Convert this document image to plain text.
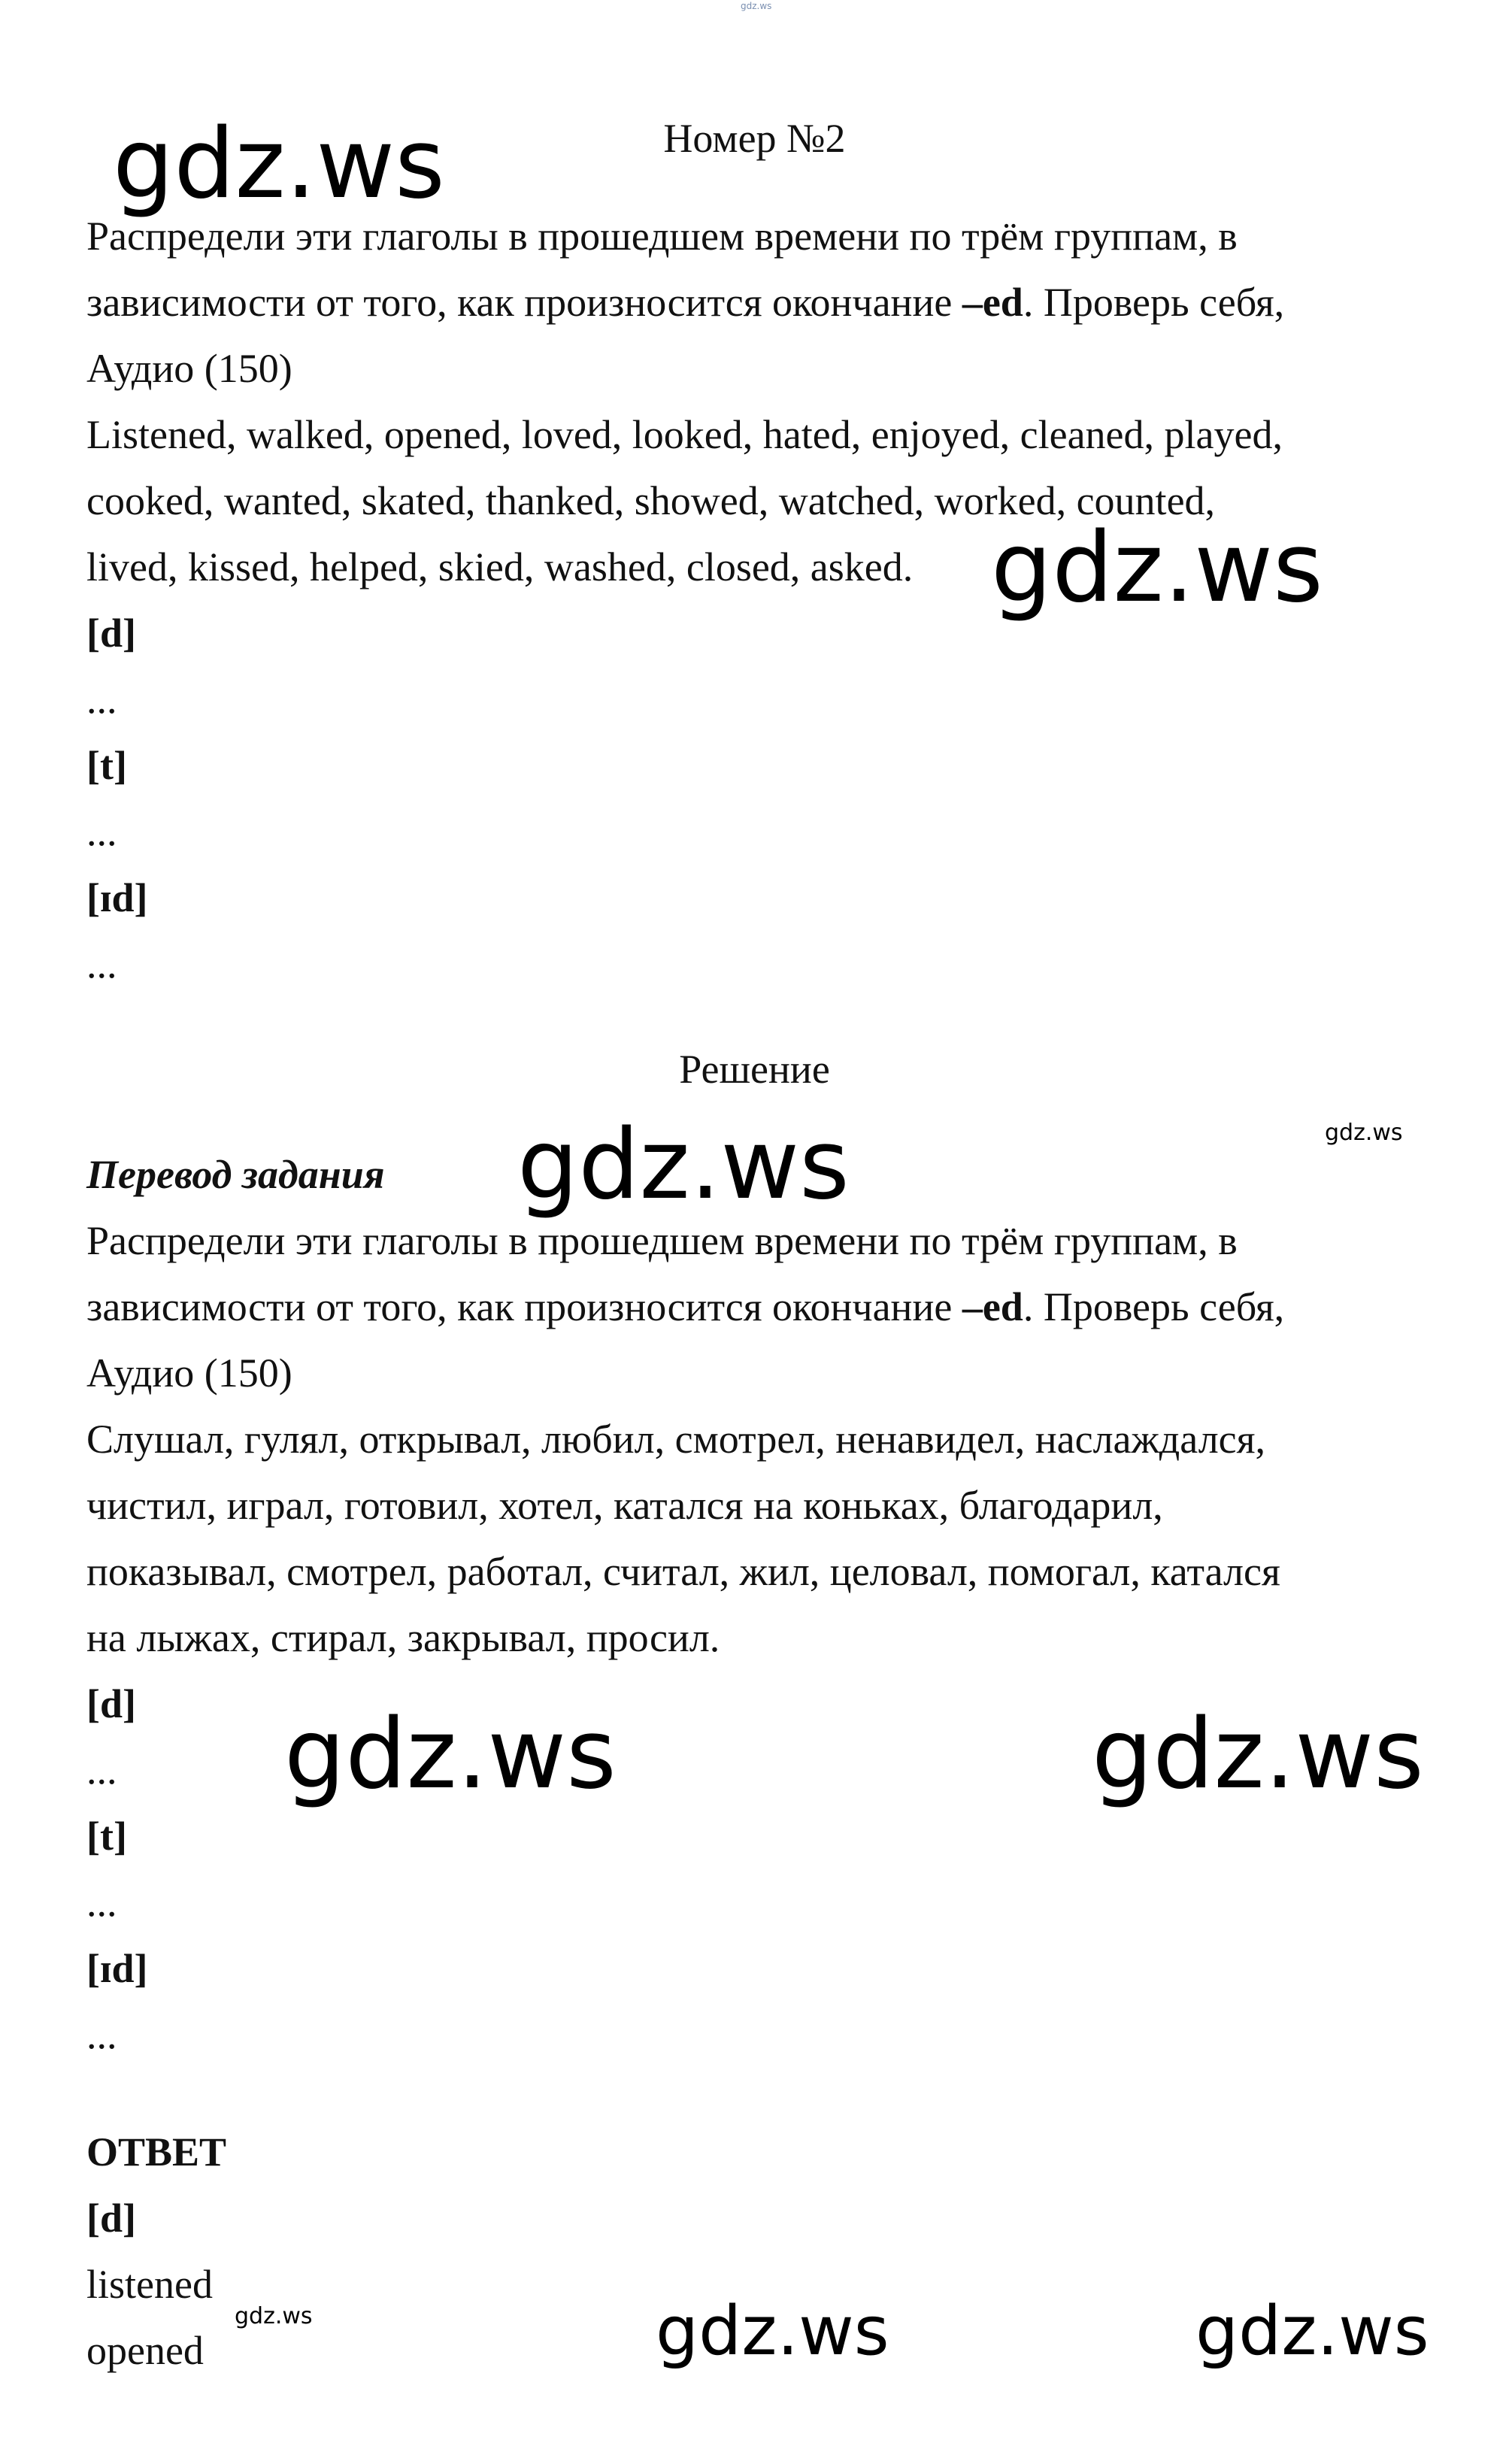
gdz.ws
Номер №2
Распредели эти глаголы в прошедшем времени по трём группам, в
зависимости от того, как произносится окончание –ed. Проверь себя,
Аудио (150)
Listened, walked, opened, loved, looked, hated, enjoyed, cleaned, played,
cooked, wanted, skated, thanked, showed, watched, worked, counted,
lived, kissed, helped, skied, washed, closed, asked.
[d]
...
[t]
...
[ɪd]
...
Решение
Перевод задания
Распредели эти глаголы в прошедшем времени по трём группам, в
зависимости от того, как произносится окончание –ed. Проверь себя,
Аудио (150)
Слушал, гулял, открывал, любил, смотрел, ненавидел, наслаждался,
чистил, играл, готовил, хотел, катался на коньках, благодарил,
показывал, смотрел, работал, считал, жил, целовал, помогал, катался
на лыжах, стирал, закрывал, просил.
[d]
...
[t]
...
[ɪd]
...
ОТВЕТ
[d]
listened
opened
gdz.ws
gdz.ws
gdz.ws	gdz.ws
gdz.ws	gdz.ws
gdz.ws	gdz.ws	gdz.ws
